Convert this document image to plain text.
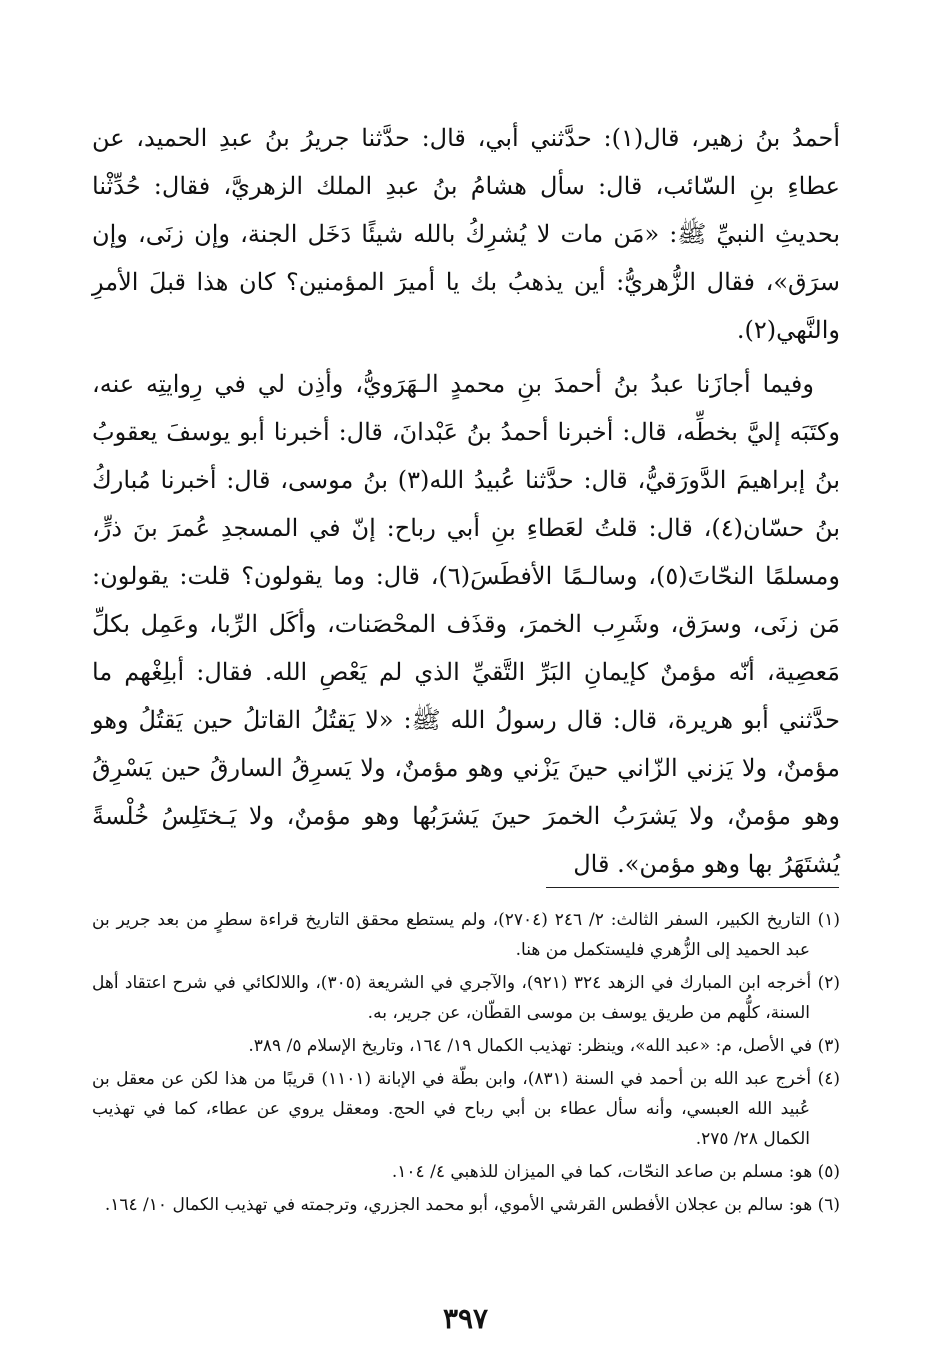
أحمدُ بنُ زهير، قال(١): حدَّثني أبي، قال: حدَّثنا جريرُ بنُ عبدِ الحميد، عن عطاءِ بنِ السّائب، قال: سأل هشامُ بنُ عبدِ الملك الزهريَّ، فقال: حُدِّثْنا بحديثِ النبيِّ ﷺ: «مَن مات لا يُشرِكُ بالله شيئًا دَخَل الجنة، وإن زنَى، وإن سرَق»، فقال الزُّهريُّ: أين يذهبُ بك يا أميرَ المؤمنين؟ كان هذا قبلَ الأمرِ والنَّهي(٢).

وفيما أجازَنا عبدُ بنُ أحمدَ بنِ محمدٍ الـهَرَويُّ، وأذِن لي في رِوايتِه عنه، وكتَبَه إليَّ بخطِّه، قال: أخبرنا أحمدُ بنُ عَبْدانَ، قال: أخبرنا أبو يوسفَ يعقوبُ بنُ إبراهيمَ الدَّورَقيُّ، قال: حدَّثنا عُبيدُ الله(٣) بنُ موسى، قال: أخبرنا مُباركُ بنُ حسّان(٤)، قال: قلتُ لعَطاءِ بنِ أبي رباح: إنّ في المسجدِ عُمرَ بنَ ذرٍّ، ومسلمًا النحّاتَ(٥)، وسالـمًا الأفطَسَ(٦)، قال: وما يقولون؟ قلت: يقولون: مَن زنَى، وسرَق، وشَرِب الخمرَ، وقذَف المحْصَنات، وأكَل الرِّبا، وعَمِل بكلِّ مَعصِية، أنّه مؤمنٌ كإيمانِ البَرِّ التَّقيِّ الذي لم يَعْصِ الله. فقال: أبلِغْهم ما حدَّثني أبو هريرة، قال: قال رسولُ الله ﷺ: «لا يَقتُلُ القاتلُ حين يَقتُلُ وهو مؤمنٌ، ولا يَزني الزّاني حينَ يَزْني وهو مؤمنٌ، ولا يَسرِقُ السارقُ حين يَسْرِقُ وهو مؤمنٌ، ولا يَشرَبُ الخمرَ حينَ يَشرَبُها وهو مؤمنٌ، ولا يَـختَلِسُ خُلْسةً يُشتَهَرُ بها وهو مؤمن». قال

(١) التاريخ الكبير، السفر الثالث: ٢/ ٢٤٦ (٢٧٠٤)، ولم يستطع محقق التاريخ قراءة سطرٍ من بعد جرير بن عبد الحميد إلى الزُّهري فليستكمل من هنا.

(٢) أخرجه ابن المبارك في الزهد ٣٢٤ (٩٢١)، والآجري في الشريعة (٣٠٥)، واللالكائي في شرح اعتقاد أهل السنة، كلُّهم من طريق يوسف بن موسى القطّان، عن جرير، به.

(٣) في الأصل، م: «عبد الله»، وينظر: تهذيب الكمال ١٩/ ١٦٤، وتاريخ الإسلام ٥/ ٣٨٩.

(٤) أخرج عبد الله بن أحمد في السنة (٨٣١)، وابن بطّة في الإبانة (١١٠١) قريبًا من هذا لكن عن معقل بن عُبيد الله العبسي، وأنه سأل عطاء بن أبي رباح في الحج. ومعقل يروي عن عطاء، كما في تهذيب الكمال ٢٨/ ٢٧٥.

(٥) هو: مسلم بن صاعد النحّات، كما في الميزان للذهبي ٤/ ١٠٤.

(٦) هو: سالم بن عجلان الأفطس القرشي الأموي، أبو محمد الجزري، وترجمته في تهذيب الكمال ١٠/ ١٦٤.

٣٩٧
